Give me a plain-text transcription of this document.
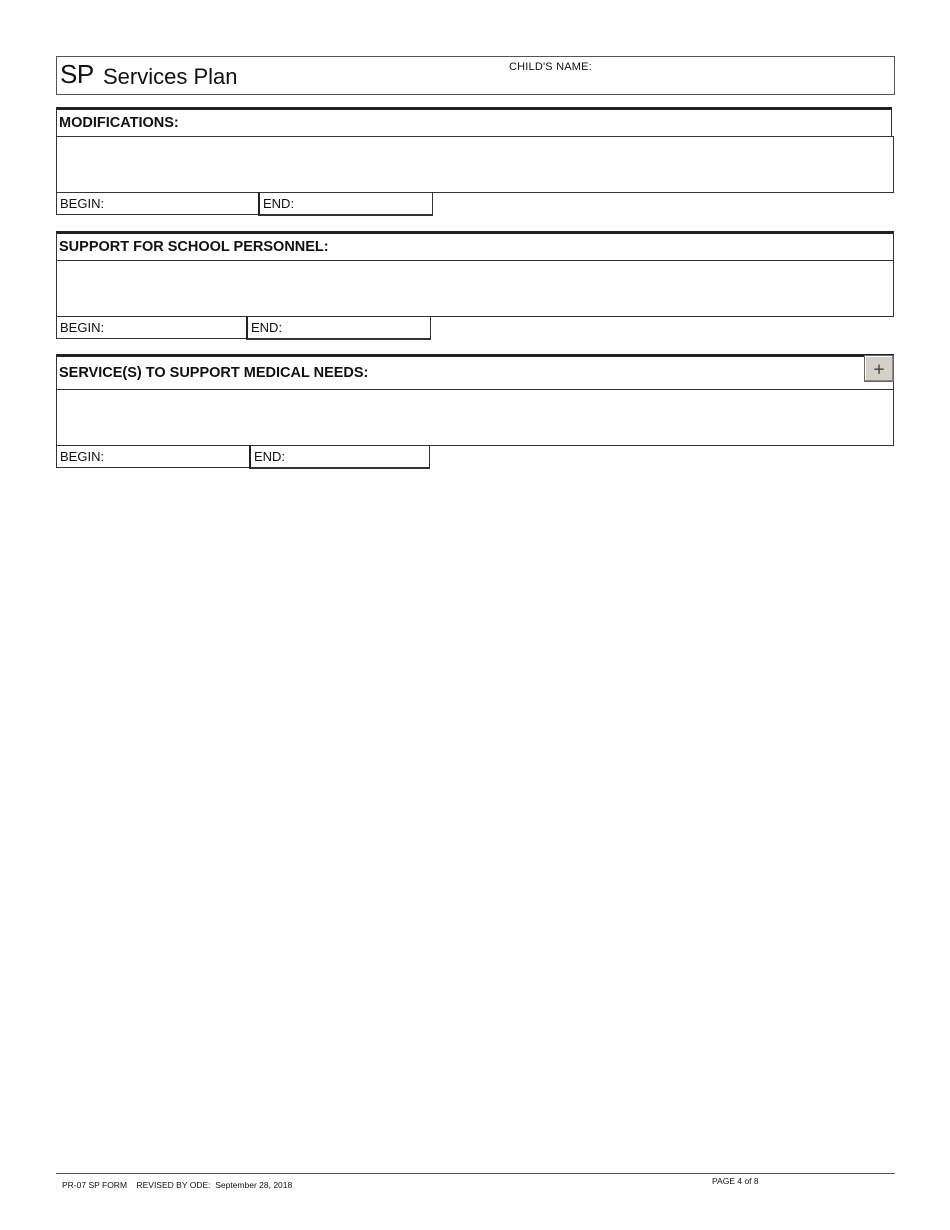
SP Services Plan	CHILD'S NAME:
MODIFICATIONS:
BEGIN:	END:
SUPPORT FOR SCHOOL PERSONNEL:
BEGIN:	END:
SERVICE(S) TO SUPPORT MEDICAL NEEDS:	+
BEGIN:	END:
PR-07 SP FORM    REVISED BY ODE:  September 28, 2018	PAGE 4 of 8
